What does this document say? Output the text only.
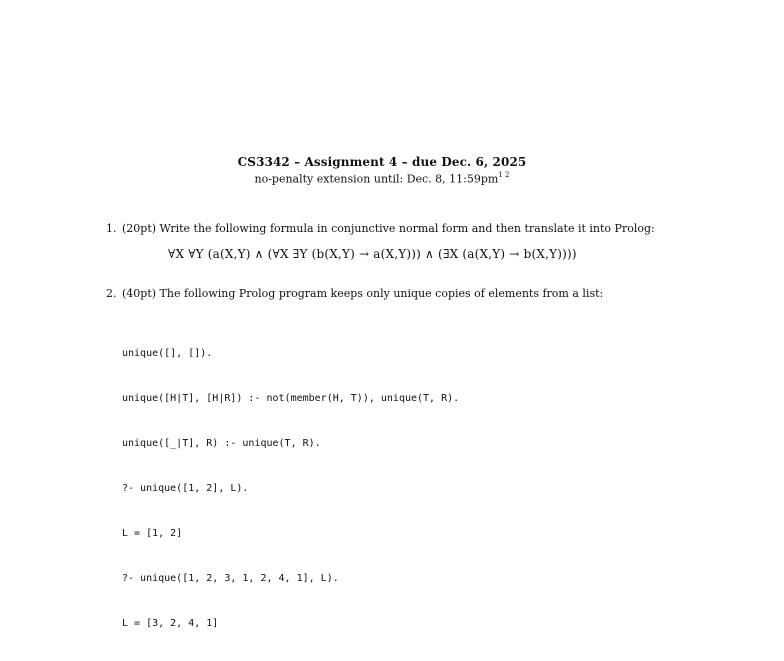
CS3342 – Assignment 4 – due Dec. 6, 2025
no-penalty extension until: Dec. 8, $11:59pm^{1 2}$
1. (20pt) Write the following formula in conjunctive normal form and then translate it into Prolog:
∀X ∀Y (a(X,Y) ∧ (∀X ∃Y (b(X,Y) → a(X,Y))) ∧ (∃X (a(X,Y) → b(X,Y))))
2. (40pt) The following Prolog program keeps only unique copies of elements from a list:

unique([], []).

unique([H|T], [H|R]) :- not(member(H, T)), unique(T, R).

unique([_|T], R) :- unique(T, R).

?- unique([1, 2], L).

L = [1, 2]

?- unique([1, 2, 3, 1, 2, 4, 1], L).

L = [3, 2, 4, 1]
